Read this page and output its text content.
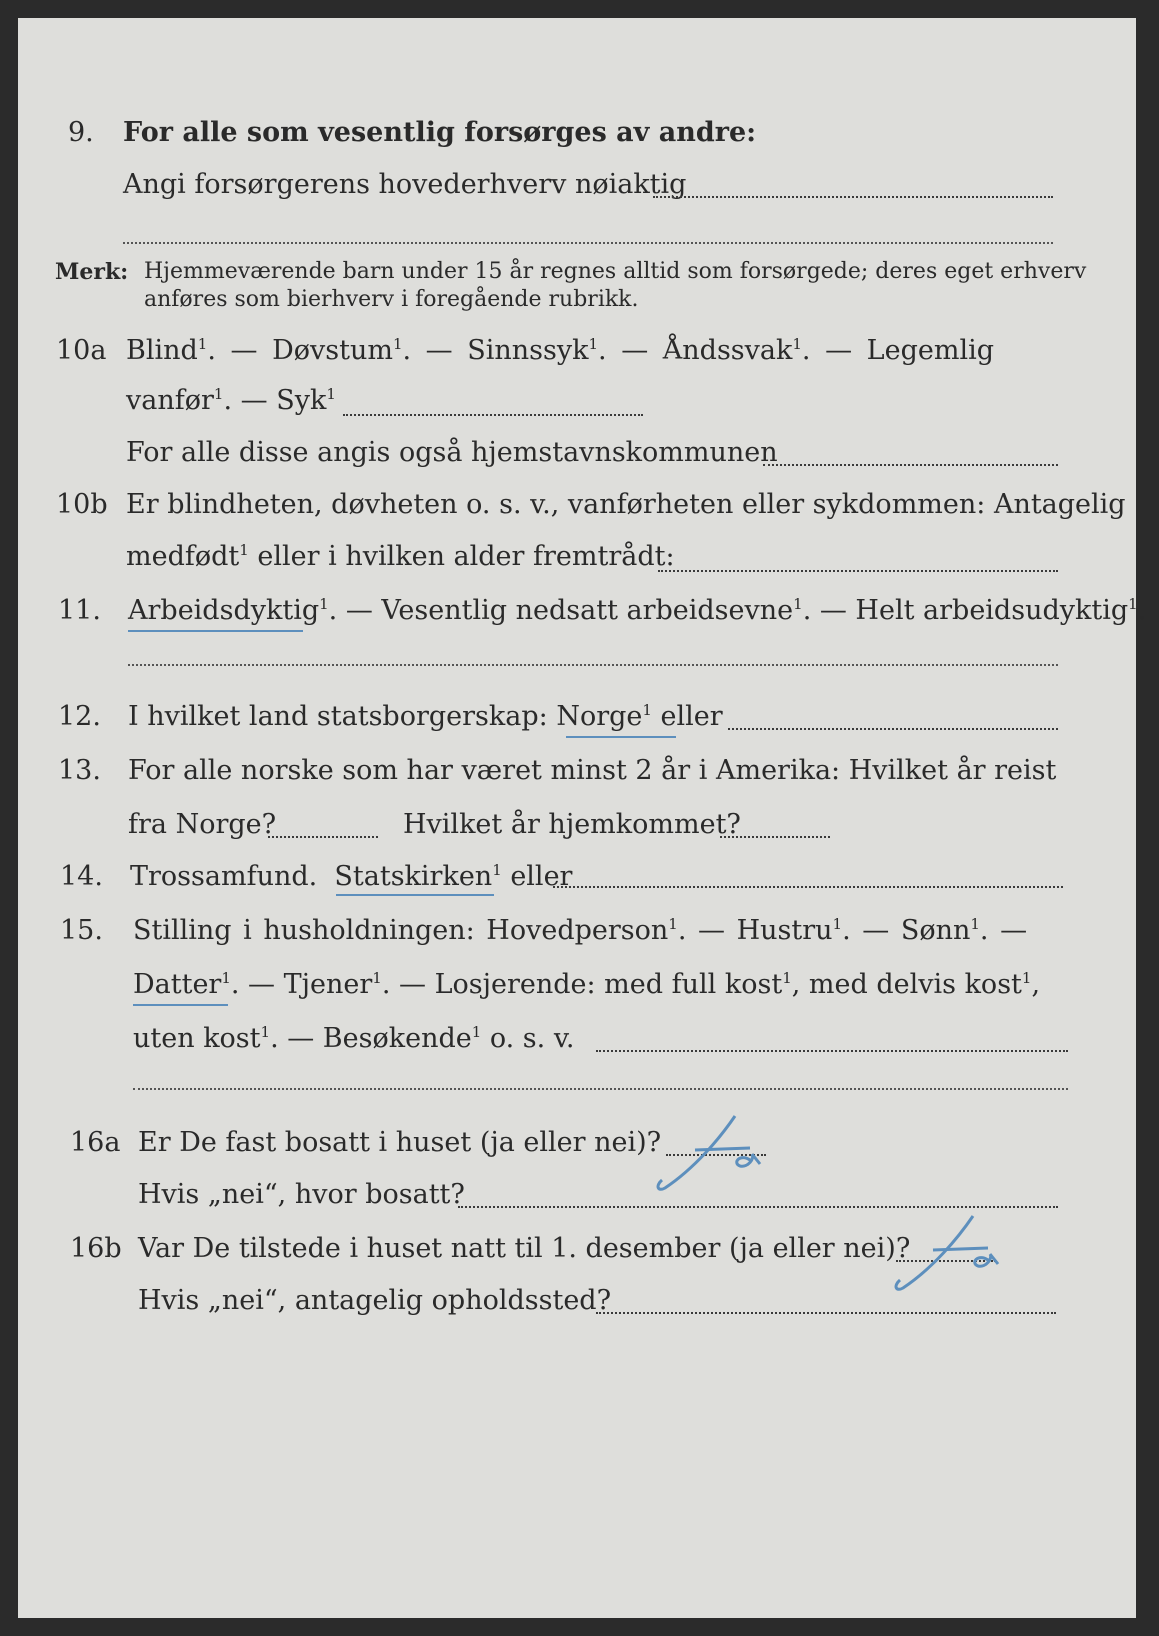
9. For alle som vesentlig forsørges av andre:
Angi forsørgerens hovederhverv nøiaktig
Merk: Hjemmeværende barn under 15 år regnes alltid som forsørgede; deres eget erhverv
anføres som bierhverv i foregående rubrikk.
10a Blind$^1$. — Døvstum$^1$. — Sinnssyk$^1$. — Åndssvak$^1$. — Legemlig
vanfør$^1$. — Syk$^1$
For alle disse angis også hjemstavnskommunen
10b Er blindheten, døvheten o. s. v., vanførheten eller sykdommen: Antagelig
medfødt$^1$ eller i hvilken alder fremtrådt:
11. Arbeidsdyktig$^1$. — Vesentlig nedsatt arbeidsevne$^1$. — Helt arbeidsudyktig$^1$.
12. I hvilket land statsborgerskap: Norge$^1$ eller
13. For alle norske som har været minst 2 år i Amerika: Hvilket år reist
fra Norge?	Hvilket år hjemkommet?
14. Trossamfund. Statskirken$^1$ eller
15. Stilling i husholdningen: Hovedperson$^1$. — Hustru$^1$. — Sønn$^1$. —
Datter$^1$. — Tjener$^1$. — Losjerende: med full kost$^1$, med delvis kost$^1$,
uten kost$^1$. — Besøkende$^1$ o. s. v.
16a Er De fast bosatt i huset (ja eller nei)?
Hvis „nei“, hvor bosatt?
16b Var De tilstede i huset natt til 1. desember (ja eller nei)?
Hvis „nei“, antagelig opholdssted?
